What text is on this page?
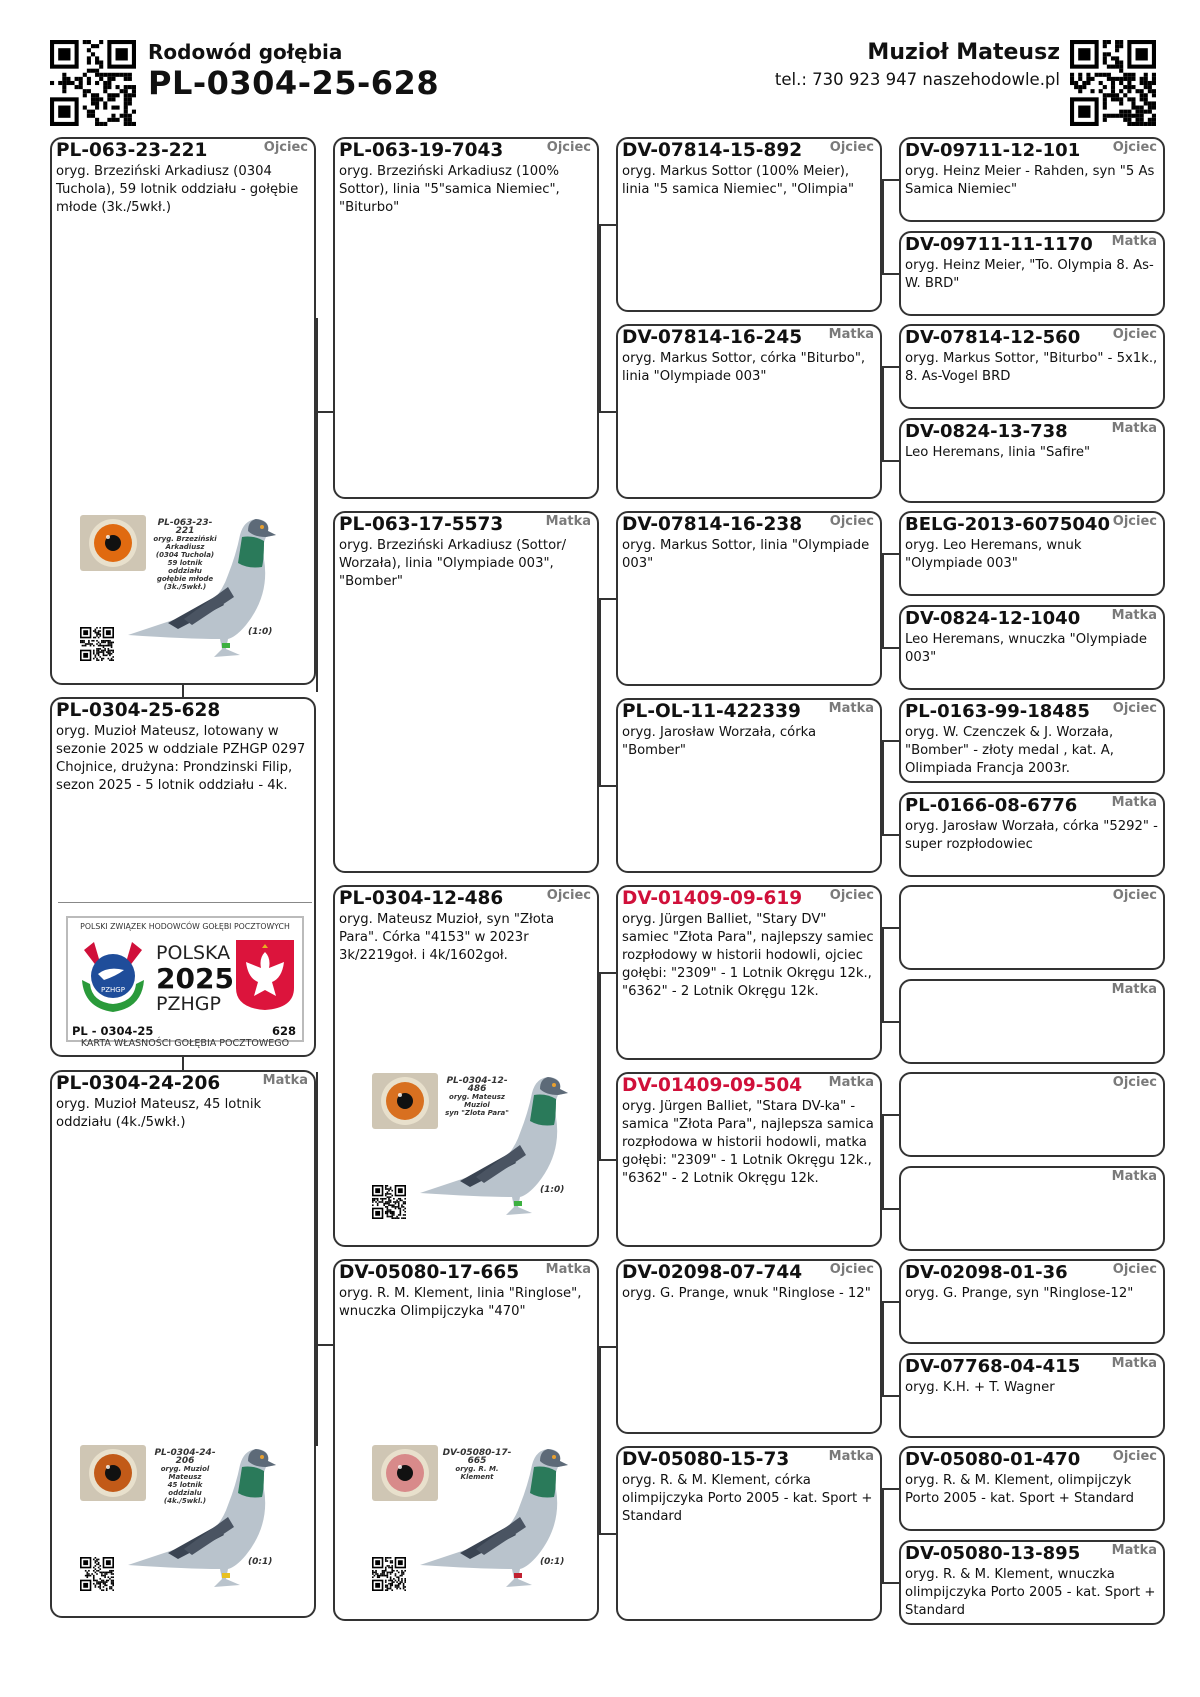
Rodowód gołębia
PL-0304-25-628
Muzioł Mateusz
tel.: 730 923 947 naszehodowle.pl
PL-063-23-221	Ojciec
oryg. Brzeziński Arkadiusz (0304 Tuchola), 59 lotnik oddziału - gołębie młode (3k./5wkł.)
PL-0304-25-628
oryg. Muzioł Mateusz, lotowany w sezonie 2025 w oddziale PZHGP 0297 Chojnice, drużyna: Prondzinski Filip, sezon 2025 - 5 lotnik oddziału - 4k.
PL-0304-24-206	Matka
oryg. Muzioł Mateusz, 45 lotnik oddziału (4k./5wkł.)
POLSKI ZWIĄZEK HODOWCÓW GOŁĘBI POCZTOWYCH
PZHGP
POLSKA
2025
PZHGP
PL - 0304-25	628
KARTA WŁASNOŚCI GOŁĘBIA POCZTOWEGO
PL-063-19-7043	Ojciec
oryg. Brzeziński Arkadiusz (100% Sottor), linia "5"samica Niemiec", "Biturbo"
PL-063-17-5573	Matka
oryg. Brzeziński Arkadiusz (Sottor/ Worzała), linia "Olympiade 003", "Bomber"
PL-0304-12-486	Ojciec
oryg. Mateusz Muzioł, syn "Złota Para". Córka "4153" w 2023r 3k/2219goł. i 4k/1602goł.
DV-05080-17-665 Matka
oryg. R. M. Klement, linia "Ringlose", wnuczka Olimpijczyka "470"
DV-07814-15-892 Ojciec
oryg. Markus Sottor (100% Meier), linia "5 samica Niemiec", "Olimpia"
DV-07814-16-245 Matka
oryg. Markus Sottor, córka "Biturbo", linia "Olympiade 003"
DV-07814-16-238 Ojciec
oryg. Markus Sottor, linia "Olympiade 003"
PL-OL-11-422339 Matka
oryg. Jarosław Worzała, córka "Bomber"
DV-01409-09-619 Ojciec
oryg. Jürgen Balliet, "Stary DV" samiec "Złota Para", najlepszy samiec rozpłodowy w historii hodowli, ojciec gołębi: "2309" - 1 Lotnik Okręgu 12k., "6362" - 2 Lotnik Okręgu 12k.
DV-01409-09-504 Matka
oryg. Jürgen Balliet, "Stara DV-ka" - samica "Złota Para", najlepsza samica rozpłodowa w historii hodowli, matka gołębi: "2309" - 1 Lotnik Okręgu 12k., "6362" - 2 Lotnik Okręgu 12k.
DV-02098-07-744 Ojciec
oryg. G. Prange, wnuk "Ringlose - 12"
DV-05080-15-73	Matka
oryg. R. & M. Klement, córka olimpijczyka Porto 2005 - kat. Sport + Standard
DV-09711-12-101	Ojciec
oryg. Heinz Meier - Rahden, syn "5 As Samica Niemiec"
DV-09711-11-1170 Matka
oryg. Heinz Meier, "To. Olympia 8. As-W. BRD"
DV-07814-12-560	Ojciec
oryg. Markus Sottor, "Biturbo" - 5x1k., 8. As-Vogel BRD
DV-0824-13-738	Matka
Leo Heremans, linia "Safire"
BELG-2013-6075040 Ojciec
oryg. Leo Heremans, wnuk "Olympiade 003"
DV-0824-12-1040 Matka
Leo Heremans, wnuczka "Olympiade 003"
PL-0163-99-18485 Ojciec
oryg. W. Czenczek & J. Worzała, "Bomber" - złoty medal , kat. A, Olimpiada Francja 2003r.
PL-0166-08-6776	Matka
oryg. Jarosław Worzała, córka "5292" - super rozpłodowiec
Ojciec
Matka
Ojciec
Matka
DV-02098-01-36	Ojciec
oryg. G. Prange, syn "Ringlose-12"
DV-07768-04-415 Matka
oryg. K.H. + T. Wagner
DV-05080-01-470	Ojciec
oryg. R. & M. Klement, olimpijczyk Porto 2005 - kat. Sport + Standard
DV-05080-13-895 Matka
oryg. R. & M. Klement, wnuczka olimpijczyka Porto 2005 - kat. Sport + Standard
PL-063-23-221
oryg. Brzeziński Arkadiusz
(0304 Tuchola)
59 lotnik oddziału
gołębie młode (3k./5wkł.)
(1:0)
PL-0304-24-206
oryg. Muziol Mateusz
45 lotnik oddzialu (4k./5wkl.)
(0:1)
PL-0304-12-486
oryg. Mateusz Muziol
syn "Zlota Para"
(1:0)
DV-05080-17-665
oryg. R. M. Klement
(0:1)
